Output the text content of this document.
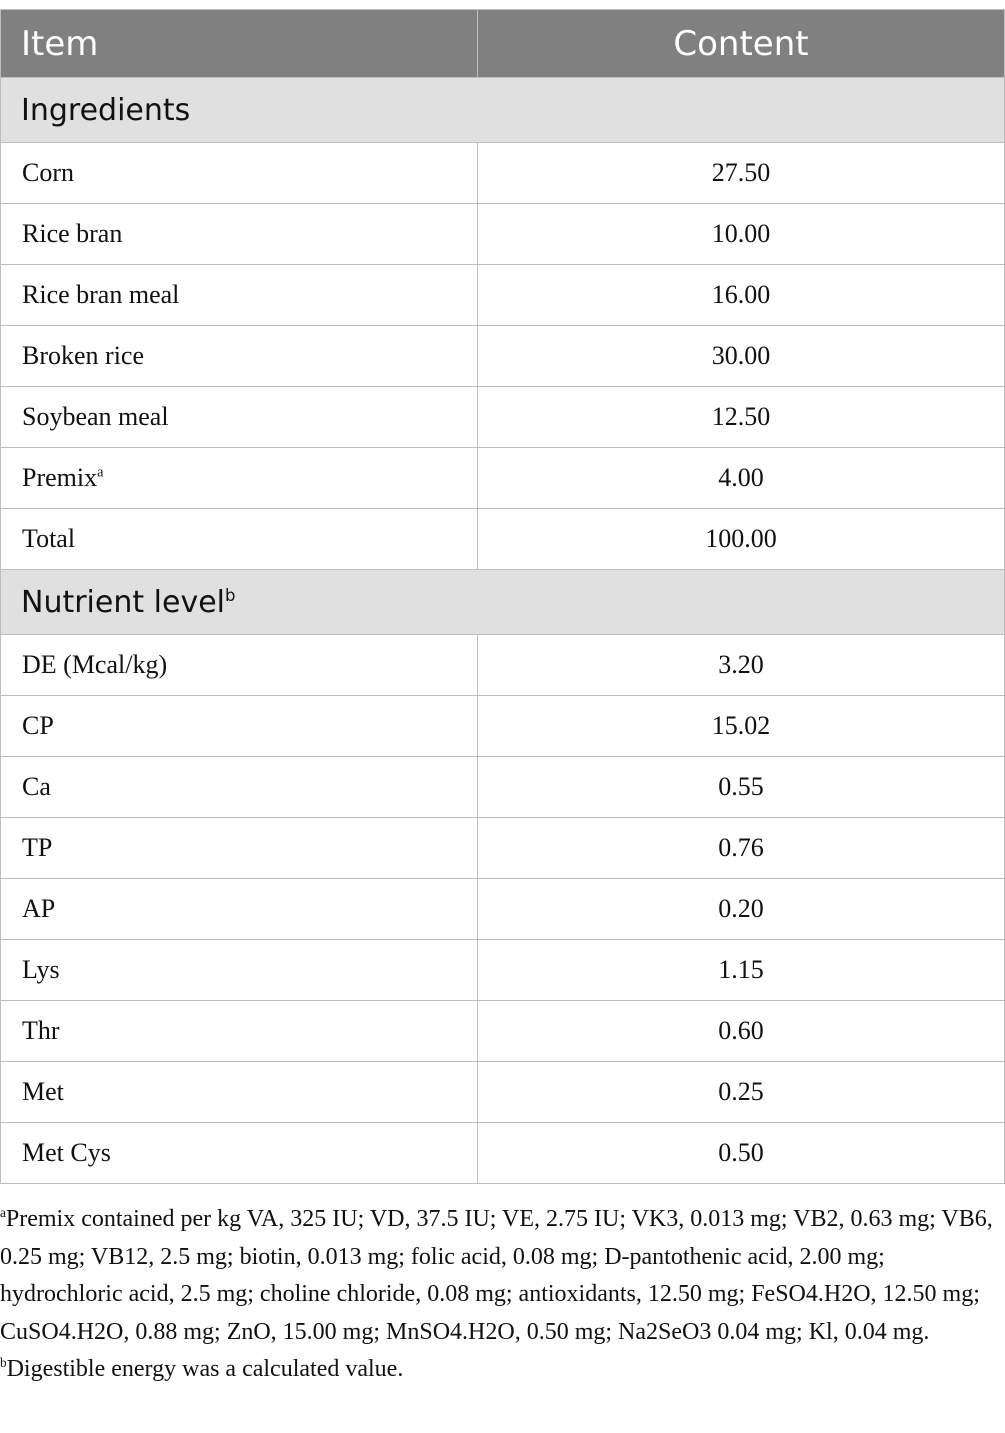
Item	Content
Ingredients	
Corn	27.50
Rice bran	10.00
Rice bran meal	16.00
Broken rice	30.00
Soybean meal	12.50
Premix$^a$	4.00
Total	100.00
Nutrient level$^b$
DE (Mcal/kg)	3.20
CP	15.02
Ca	0.55
TP	0.76
AP	0.20
Lys	1.15
Thr	0.60
Met	0.25
Met Cys	0.50

$^a$Premix contained per kg VA, 325 IU; VD, 37.5 IU; VE, 2.75 IU; VK3, 0.013 mg; VB2, 0.63 mg; VB6, 0.25 mg; VB12, 2.5 mg; biotin, 0.013 mg; folic acid, 0.08 mg; D-pantothenic acid, 2.00 mg; hydrochloric acid, 2.5 mg; choline chloride, 0.08 mg; antioxidants, 12.50 mg; FeSO4.H2O, 12.50 mg; CuSO4.H2O, 0.88 mg; ZnO, 15.00 mg; MnSO4.H2O, 0.50 mg; Na2SeO3 0.04 mg; Kl, 0.04 mg.

$^b$Digestible energy was a calculated value.
